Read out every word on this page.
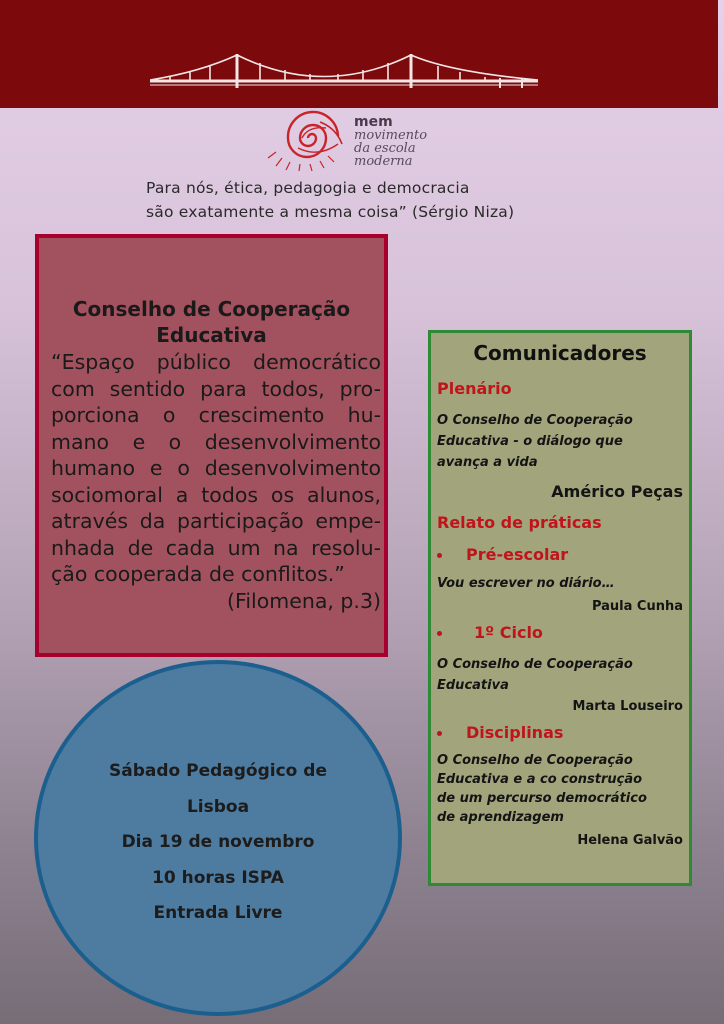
mem
movimento
da escola
moderna
Para nós, ética, pedagogia e democracia
são exatamente a mesma coisa” (Sérgio Niza)
Conselho de Cooperação
Educativa
“Espaço público democrático
com sentido para todos, pro-
porciona o crescimento hu-
mano e o desenvolvimento
humano e o desenvolvimento
sociomoral a todos os alunos,
através da participação empe-
nhada de cada um na resolu-
ção cooperada de conflitos.”
(Filomena, p.3)
Sábado Pedagógico de
Lisboa
Dia 19 de novembro
10 horas ISPA
Entrada Livre
Comunicadores
Plenário
O Conselho de Cooperação
Educativa - o diálogo que
avança a vida
Américo Peças
Relato de práticas
Pré-escolar
Vou escrever no diário…
Paula Cunha
1º Ciclo
O Conselho de Cooperação
Educativa
Marta Louseiro
Disciplinas
O Conselho de Cooperação
Educativa e a co construção
de um percurso democrático
de aprendizagem
Helena Galvão
